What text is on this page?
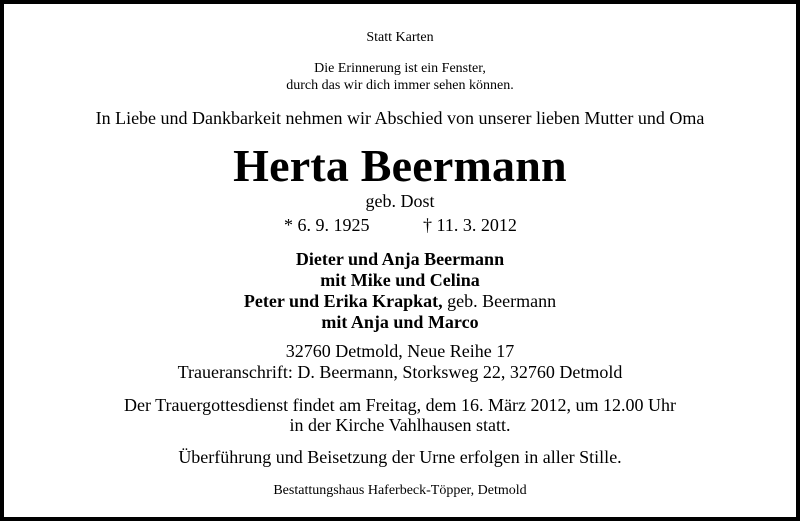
Statt Karten
Die Erinnerung ist ein Fenster,
durch das wir dich immer sehen können.
In Liebe und Dankbarkeit nehmen wir Abschied von unserer lieben Mutter und Oma
Herta Beermann
geb. Dost
* 6. 9. 1925	† 11. 3. 2012
Dieter und Anja Beermann
mit Mike und Celina
Peter und Erika Krapkat, geb. Beermann
mit Anja und Marco
32760 Detmold, Neue Reihe 17
Traueranschrift: D. Beermann, Storksweg 22, 32760 Detmold
Der Trauergottesdienst findet am Freitag, dem 16. März 2012, um 12.00 Uhr
in der Kirche Vahlhausen statt.
Überführung und Beisetzung der Urne erfolgen in aller Stille.
Bestattungshaus Haferbeck-Töpper, Detmold
